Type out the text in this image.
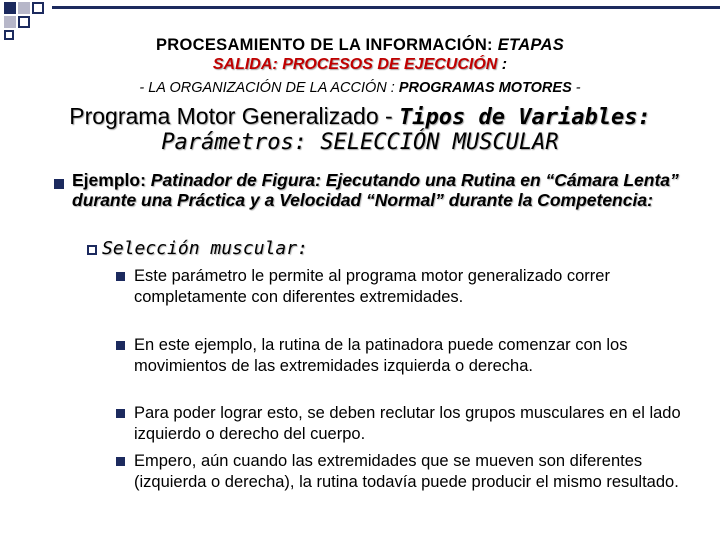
PROCESAMIENTO DE LA INFORMACIÓN: ETAPAS
SALIDA: PROCESOS DE EJECUCIÓN :
- LA ORGANIZACIÓN DE LA ACCIÓN : PROGRAMAS MOTORES -
Programa Motor Generalizado - Tipos de Variables:
Parámetros: SELECCIÓN MUSCULAR
Ejemplo: Patinador de Figura: Ejecutando una Rutina en “Cámara Lenta” durante una Práctica y a Velocidad “Normal” durante la Competencia:
Selección muscular:
Este parámetro le permite al programa motor generalizado correr completamente con diferentes extremidades.
En este ejemplo, la rutina de la patinadora puede comenzar con los movimientos de las extremidades izquierda o derecha.
Para poder lograr esto, se deben reclutar los grupos musculares en el lado izquierdo o derecho del cuerpo.
Empero, aún cuando las extremidades que se mueven son diferentes (izquierda o derecha), la rutina todavía puede producir el mismo resultado.
